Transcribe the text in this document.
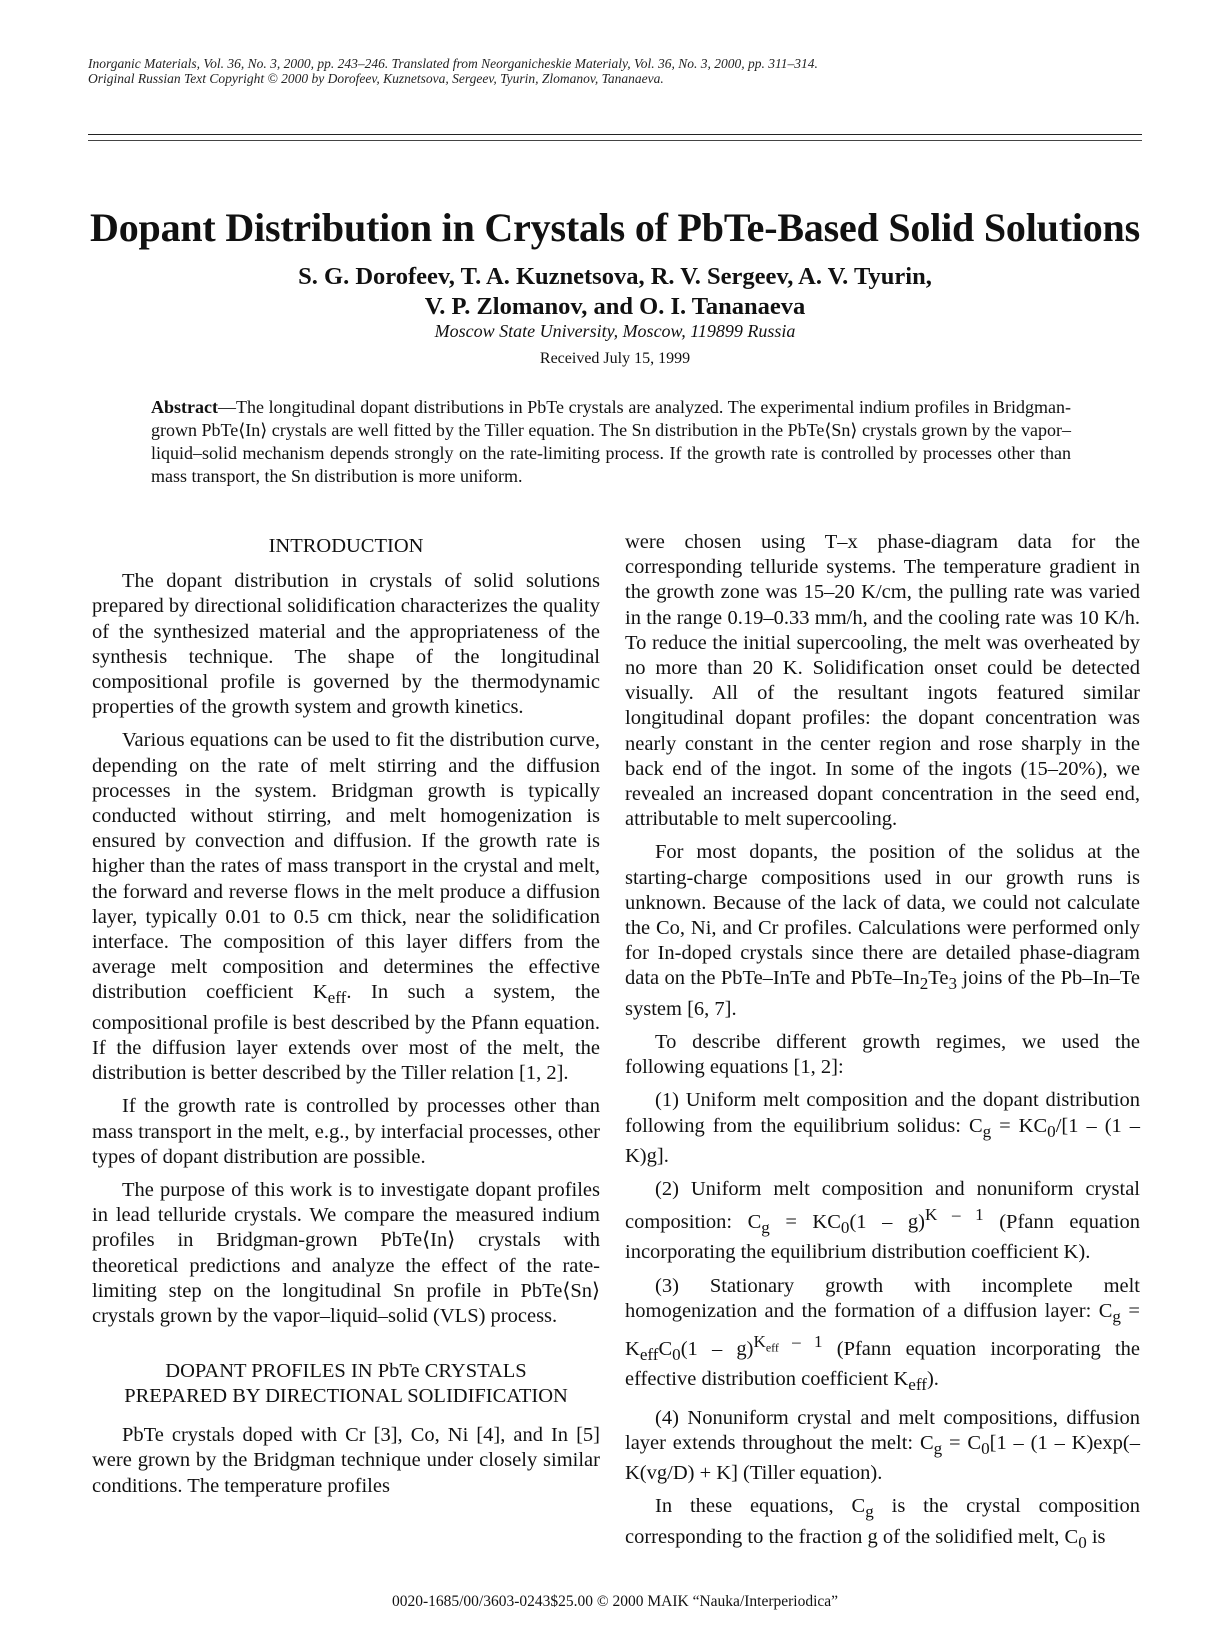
Inorganic Materials, Vol. 36, No. 3, 2000, pp. 243–246. Translated from Neorganicheskie Materialy, Vol. 36, No. 3, 2000, pp. 311–314.
Original Russian Text Copyright © 2000 by Dorofeev, Kuznetsova, Sergeev, Tyurin, Zlomanov, Tananaeva.
Dopant Distribution in Crystals of PbTe-Based Solid Solutions
S. G. Dorofeev, T. A. Kuznetsova, R. V. Sergeev, A. V. Tyurin,
V. P. Zlomanov, and O. I. Tananaeva
Moscow State University, Moscow, 119899 Russia
Received July 15, 1999
Abstract—The longitudinal dopant distributions in PbTe crystals are analyzed. The experimental indium profiles in Bridgman-grown PbTe⟨In⟩ crystals are well fitted by the Tiller equation. The Sn distribution in the PbTe⟨Sn⟩ crystals grown by the vapor–liquid–solid mechanism depends strongly on the rate-limiting process. If the growth rate is controlled by processes other than mass transport, the Sn distribution is more uniform.
INTRODUCTION

The dopant distribution in crystals of solid solutions prepared by directional solidification characterizes the quality of the synthesized material and the appropriateness of the synthesis technique. The shape of the longitudinal compositional profile is governed by the thermodynamic properties of the growth system and growth kinetics.

Various equations can be used to fit the distribution curve, depending on the rate of melt stirring and the diffusion processes in the system. Bridgman growth is typically conducted without stirring, and melt homogenization is ensured by convection and diffusion. If the growth rate is higher than the rates of mass transport in the crystal and melt, the forward and reverse flows in the melt produce a diffusion layer, typically 0.01 to 0.5 cm thick, near the solidification interface. The composition of this layer differs from the average melt composition and determines the effective distribution coefficient $K_{eff}$. In such a system, the compositional profile is best described by the Pfann equation. If the diffusion layer extends over most of the melt, the distribution is better described by the Tiller relation [1, 2].

If the growth rate is controlled by processes other than mass transport in the melt, e.g., by interfacial processes, other types of dopant distribution are possible.

The purpose of this work is to investigate dopant profiles in lead telluride crystals. We compare the measured indium profiles in Bridgman-grown PbTe⟨In⟩ crystals with theoretical predictions and analyze the effect of the rate-limiting step on the longitudinal Sn profile in PbTe⟨Sn⟩ crystals grown by the vapor–liquid–solid (VLS) process.

DOPANT PROFILES IN PbTe CRYSTALS
PREPARED BY DIRECTIONAL SOLIDIFICATION

PbTe crystals doped with Cr [3], Co, Ni [4], and In [5] were grown by the Bridgman technique under closely similar conditions. The temperature profiles

were chosen using T–x phase-diagram data for the corresponding telluride systems. The temperature gradient in the growth zone was 15–20 K/cm, the pulling rate was varied in the range 0.19–0.33 mm/h, and the cooling rate was 10 K/h. To reduce the initial supercooling, the melt was overheated by no more than 20 K. Solidification onset could be detected visually. All of the resultant ingots featured similar longitudinal dopant profiles: the dopant concentration was nearly constant in the center region and rose sharply in the back end of the ingot. In some of the ingots (15–20%), we revealed an increased dopant concentration in the seed end, attributable to melt supercooling.

For most dopants, the position of the solidus at the starting-charge compositions used in our growth runs is unknown. Because of the lack of data, we could not calculate the Co, Ni, and Cr profiles. Calculations were performed only for In-doped crystals since there are detailed phase-diagram data on the PbTe–InTe and PbTe–$In_2Te_3$ joins of the Pb–In–Te system [6, 7].

To describe different growth regimes, we used the following equations [1, 2]:

(1) Uniform melt composition and the dopant distribution following from the equilibrium solidus: $C_g = KC_0/[1 - (1 - K)g]$.

(2) Uniform melt composition and nonuniform crystal composition: $C_g = KC_0(1 - g)^{K - 1}$ (Pfann equation incorporating the equilibrium distribution coefficient K).

(3) Stationary growth with incomplete melt homogenization and the formation of a diffusion layer: $C_g = K_{eff}C_0(1 - g)^{K_{eff} - 1}$ (Pfann equation incorporating the effective distribution coefficient $K_{eff}$).

(4) Nonuniform crystal and melt compositions, diffusion layer extends throughout the melt: $C_g = C_0[1 - (1 - K)\exp(-K(vg/D) + K]$ (Tiller equation).

In these equations, $C_g$ is the crystal composition corresponding to the fraction g of the solidified melt, $C_0$ is

0020-1685/00/3603-0243$25.00 © 2000 MAIK “Nauka/Interperiodica”
